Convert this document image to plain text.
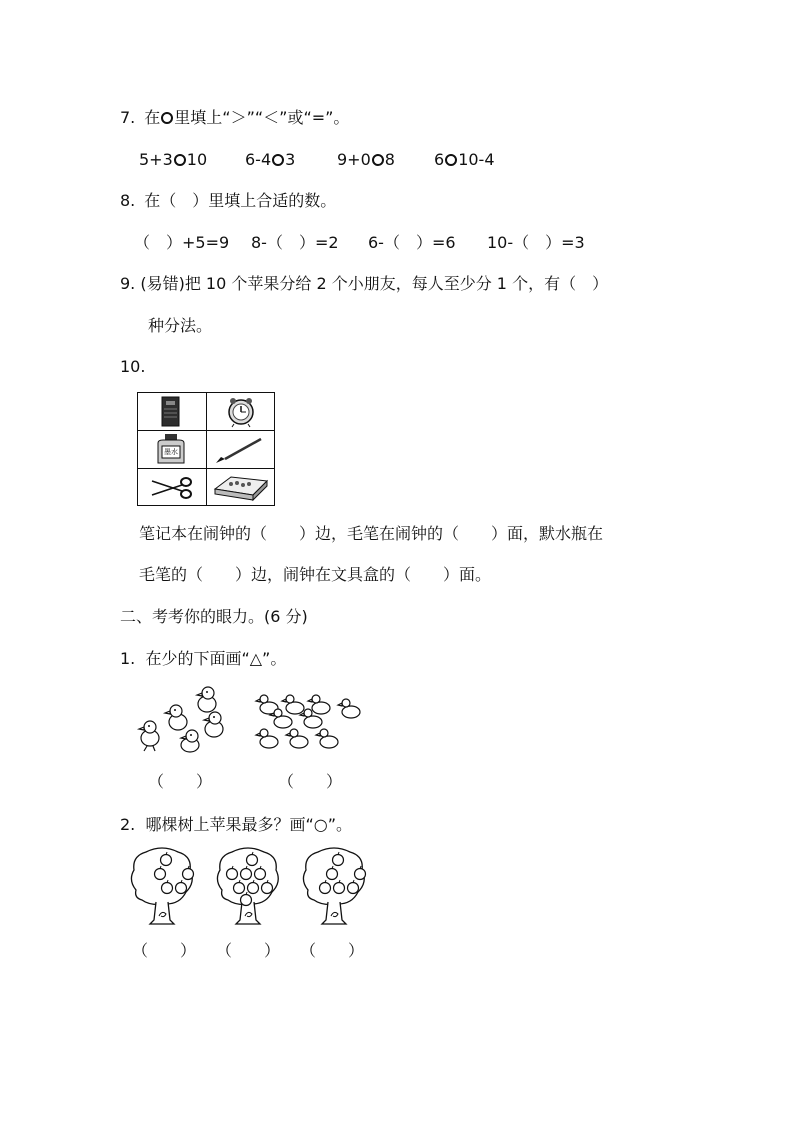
7. 在 里填上“＞”“＜”或“=”。
5+3 10 6-4 3	9+0 8 6 10-4
8. 在（　）里填上合适的数。
（　）+5=9 8-（　）=2 6-（　）=6 10-（　）=3
9. (易错)把 10 个苹果分给 2 个小朋友，每人至少分 1 个，有（　）
种分法。
10.
墨水
笔记本在闹钟的（　　）边，毛笔在闹钟的（　　）面，默水瓶在
毛笔的（　　）边，闹钟在文具盒的（　　）面。
二、考考你的眼力。(6 分)
1.  在少的下面画“△”。
（　　）	（　　）
2.  哪棵树上苹果最多？画“○”。
（　　） （　　） （　　）
